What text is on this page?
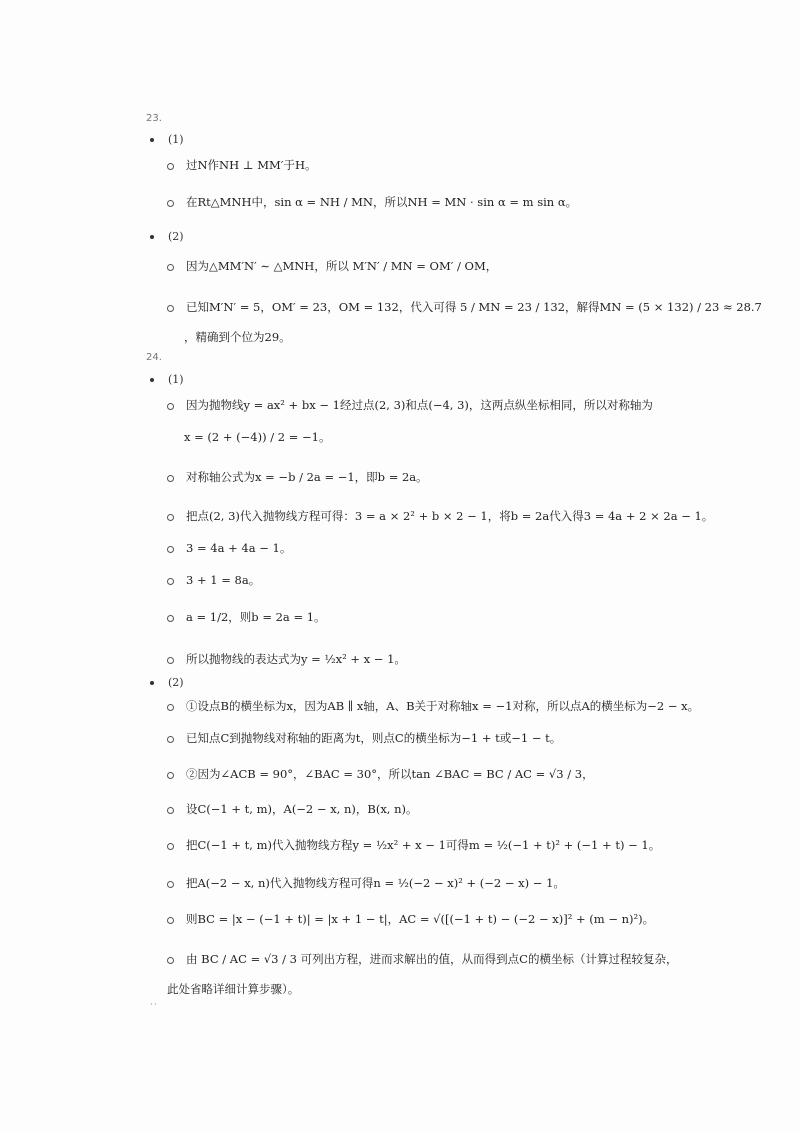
23.
(1)
过N作NH ⊥ MM′于H。
在Rt△MNH中，sin α = NH / MN，所以NH = MN · sin α = m sin α。
(2)
因为△MM′N′ ∼ △MNH，所以 M′N′ / MN = OM′ / OM，
已知M′N′ = 5，OM′ = 23，OM = 132，代入可得 5 / MN = 23 / 132，解得MN = (5 × 132) / 23 ≈ 28.7
，精确到个位为29。
24.
(1)
因为抛物线y = ax² + bx − 1经过点(2, 3)和点(−4, 3)，这两点纵坐标相同，所以对称轴为
x = (2 + (−4)) / 2 = −1。
对称轴公式为x = −b / 2a = −1，即b = 2a。
把点(2, 3)代入抛物线方程可得：3 = a × 2² + b × 2 − 1，将b = 2a代入得3 = 4a + 2 × 2a − 1。
3 = 4a + 4a − 1。
3 + 1 = 8a。
a = 1/2，则b = 2a = 1。
所以抛物线的表达式为y = ½x² + x − 1。
(2)
①设点B的横坐标为x，因为AB ∥ x轴，A、B关于对称轴x = −1对称，所以点A的横坐标为−2 − x。
已知点C到抛物线对称轴的距离为t，则点C的横坐标为−1 + t或−1 − t。
②因为∠ACB = 90°，∠BAC = 30°，所以tan ∠BAC = BC / AC = √3 / 3，
设C(−1 + t, m)，A(−2 − x, n)，B(x, n)。
把C(−1 + t, m)代入抛物线方程y = ½x² + x − 1可得m = ½(−1 + t)² + (−1 + t) − 1。
把A(−2 − x, n)代入抛物线方程可得n = ½(−2 − x)² + (−2 − x) − 1。
则BC = |x − (−1 + t)| = |x + 1 − t|，AC = √([(−1 + t) − (−2 − x)]² + (m − n)²)。
由 BC / AC = √3 / 3 可列出方程，进而求解出的值，从而得到点C的横坐标（计算过程较复杂，此处省略详细计算步骤）。
··
